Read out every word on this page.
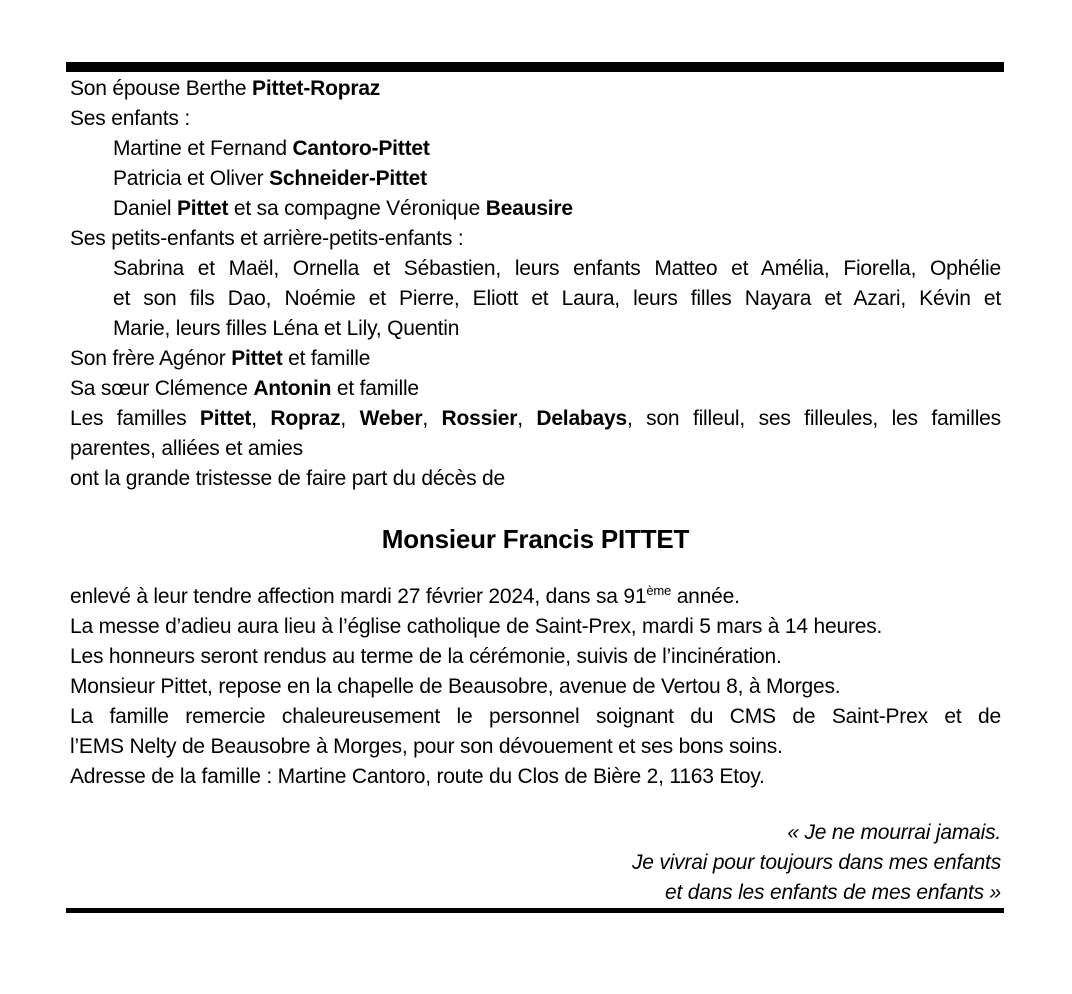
Son épouse Berthe Pittet-Ropraz
Ses enfants :
Martine et Fernand Cantoro-Pittet
Patricia et Oliver Schneider-Pittet
Daniel Pittet et sa compagne Véronique Beausire
Ses petits-enfants et arrière-petits-enfants :
Sabrina et Maël, Ornella et Sébastien, leurs enfants Matteo et Amélia, Fiorella, Ophélie
et son fils Dao, Noémie et Pierre, Eliott et Laura, leurs filles Nayara et Azari, Kévin et
Marie, leurs filles Léna et Lily, Quentin
Son frère Agénor Pittet et famille
Sa sœur Clémence Antonin et famille
Les familles Pittet, Ropraz, Weber, Rossier, Delabays, son filleul, ses filleules, les familles
parentes, alliées et amies
ont la grande tristesse de faire part du décès de
Monsieur Francis PITTET
enlevé à leur tendre affection mardi 27 février 2024, dans sa 91ème année.
La messe d’adieu aura lieu à l’église catholique de Saint-Prex, mardi 5 mars à 14 heures.
Les honneurs seront rendus au terme de la cérémonie, suivis de l’incinération.
Monsieur Pittet, repose en la chapelle de Beausobre, avenue de Vertou 8, à Morges.
La famille remercie chaleureusement le personnel soignant du CMS de Saint-Prex et de
l’EMS Nelty de Beausobre à Morges, pour son dévouement et ses bons soins.
Adresse de la famille : Martine Cantoro, route du Clos de Bière 2, 1163 Etoy.
« Je ne mourrai jamais.
Je vivrai pour toujours dans mes enfants
et dans les enfants de mes enfants »
